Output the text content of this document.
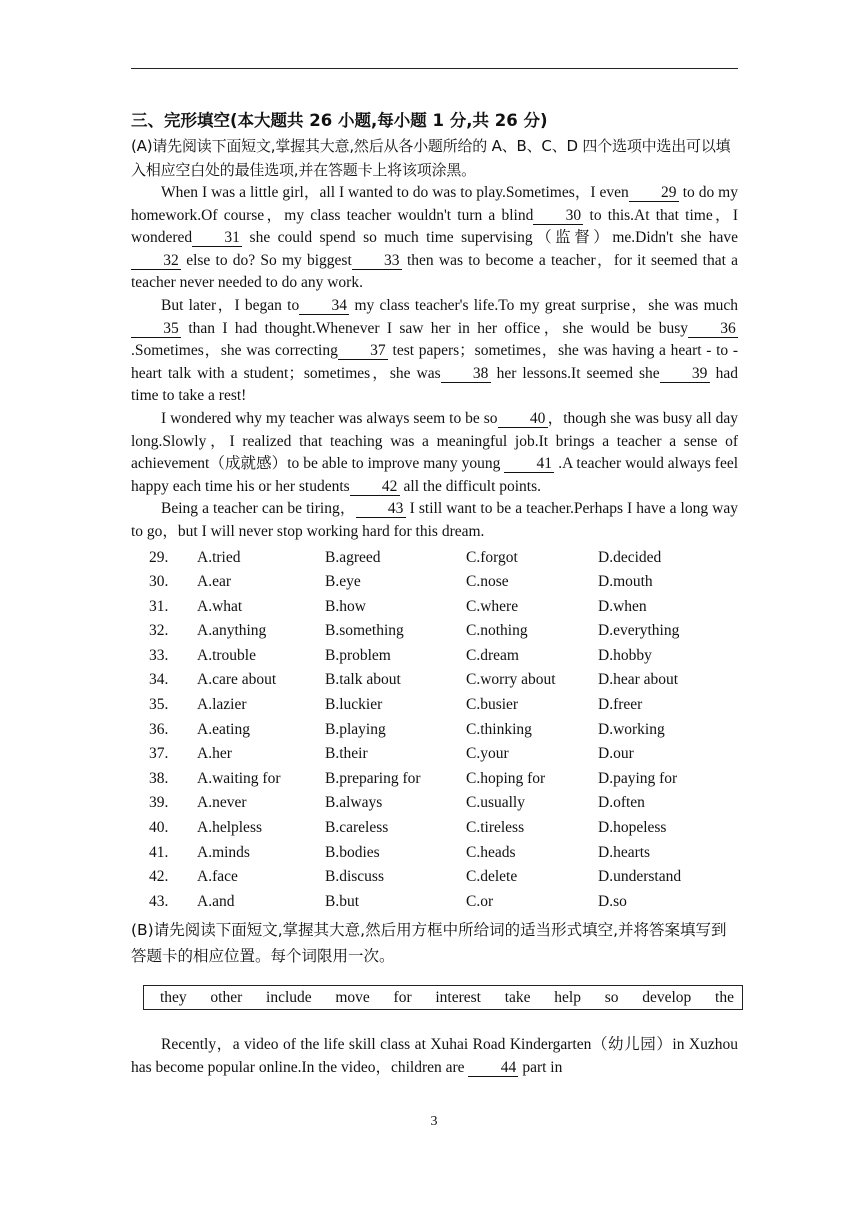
三、完形填空(本大题共 26 小题,每小题 1 分,共 26 分)

(A)请先阅读下面短文,掌握其大意,然后从各小题所给的 A、B、C、D 四个选项中选出可以填入相应空白处的最佳选项,并在答题卡上将该项涂黑。

When I was a little girl，all I wanted to do was to play.Sometimes，I even 29 to do my homework.Of course，my class teacher wouldn't turn a blind 30 to this.At that time，I wondered 31 she could spend so much time supervising（监督）me.Didn't she have32 else to do? So my biggest 33 then was to become a teacher，for it seemed that a teacher never needed to do any work.

But later，I began to 34 my class teacher's life.To my great surprise，she was much35 than I had thought.Whenever I saw her in her office，she would be busy 36 .Sometimes，she was correcting 37 test papers；sometimes，she was having a heart - to - heart talk with a student；sometimes，she was 38 her lessons.It seemed she 39 had time to take a rest!

I wondered why my teacher was always seem to be so 40 ，though she was busy all day long.Slowly，I realized that teaching was a meaningful job.It brings a teacher a sense of achievement（成就感）to be able to improve many young 41 .A teacher would always feel happy each time his or her students 42 all the difficult points.

Being a teacher can be tiring， 43 I still want to be a teacher.Perhaps I have a long way to go，but I will never stop working hard for this dream.

29.	A.tried	B.agreed	C.forgot	D.decided
30.	A.ear	B.eye	C.nose	D.mouth
31.	A.what	B.how	C.where	D.when
32.	A.anything	B.something	C.nothing	D.everything
33.	A.trouble	B.problem	C.dream	D.hobby
34.	A.care about	B.talk about	C.worry about	D.hear about
35.	A.lazier	B.luckier	C.busier	D.freer
36.	A.eating	B.playing	C.thinking	D.working
37.	A.her	B.their	C.your	D.our
38.	A.waiting for	B.preparing for	C.hoping for	D.paying for
39.	A.never	B.always	C.usually	D.often
40.	A.helpless	B.careless	C.tireless	D.hopeless
41.	A.minds	B.bodies	C.heads	D.hearts
42.	A.face	B.discuss	C.delete	D.understand
43.	A.and	B.but	C.or	D.so

(B)请先阅读下面短文,掌握其大意,然后用方框中所给词的适当形式填空,并将答案填写到答题卡的相应位置。每个词限用一次。

they other include move for interest take help so develop the

Recently，a video of the life skill class at Xuhai Road Kindergarten（幼儿园）in Xuzhou has become popular online.In the video，children are 44 part in

3
